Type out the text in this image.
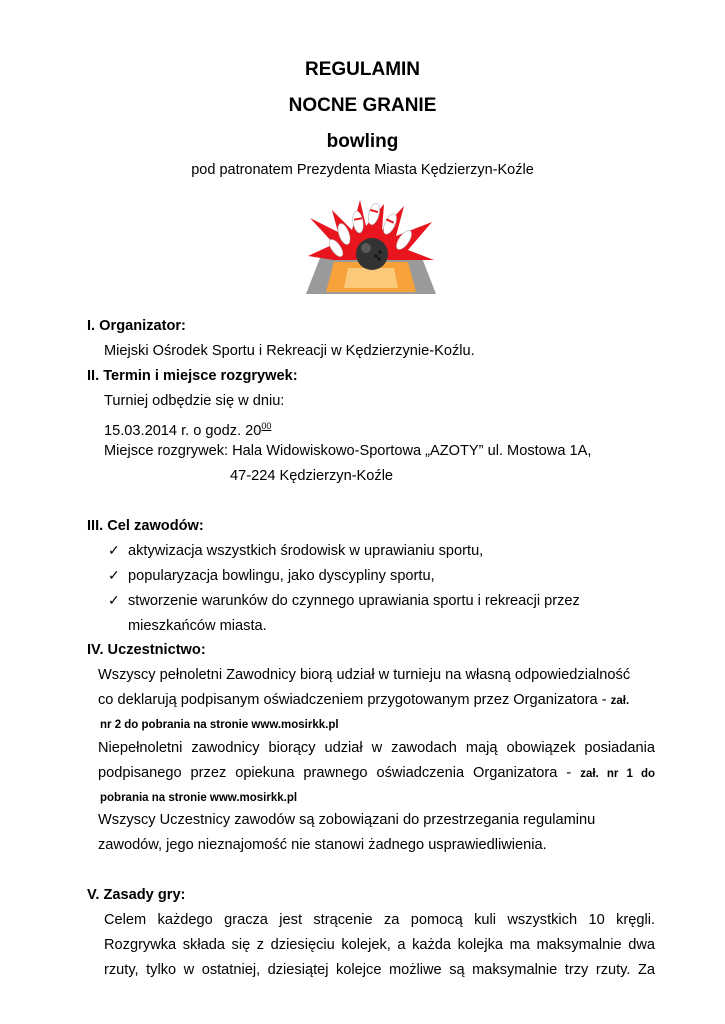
REGULAMIN
NOCNE GRANIE
bowling
pod patronatem Prezydenta Miasta Kędzierzyn-Koźle
I. Organizator:
Miejski Ośrodek Sportu i Rekreacji w Kędzierzynie-Koźlu.
II. Termin i miejsce rozgrywek:
Turniej odbędzie się w dniu:
15.03.2014 r. o godz. $20^{00}$
Miejsce rozgrywek: Hala Widowiskowo-Sportowa „AZOTY” ul. Mostowa 1A,
47-224 Kędzierzyn-Koźle
III. Cel zawodów:
✓ aktywizacja wszystkich środowisk w uprawianiu sportu,
✓ popularyzacja bowlingu, jako dyscypliny sportu,
✓ stworzenie warunków do czynnego uprawiania sportu i rekreacji przez
mieszkańców miasta.
IV. Uczestnictwo:
Wszyscy pełnoletni Zawodnicy biorą udział w turnieju na własną odpowiedzialność
co deklarują podpisanym oświadczeniem przygotowanym przez Organizatora - zał.
nr 2 do pobrania na stronie www.mosirkk.pl
Niepełnoletni zawodnicy biorący udział w zawodach mają obowiązek posiadania
podpisanego przez opiekuna prawnego oświadczenia Organizatora - zał. nr 1 do
pobrania na stronie www.mosirkk.pl
Wszyscy Uczestnicy zawodów są zobowiązani do przestrzegania regulaminu
zawodów, jego nieznajomość nie stanowi żadnego usprawiedliwienia.
V. Zasady gry:
Celem każdego gracza jest strącenie za pomocą kuli wszystkich 10 kręgli.
Rozgrywka składa się z dziesięciu kolejek, a każda kolejka ma maksymalnie dwa
rzuty, tylko w ostatniej, dziesiątej kolejce możliwe są maksymalnie trzy rzuty. Za
